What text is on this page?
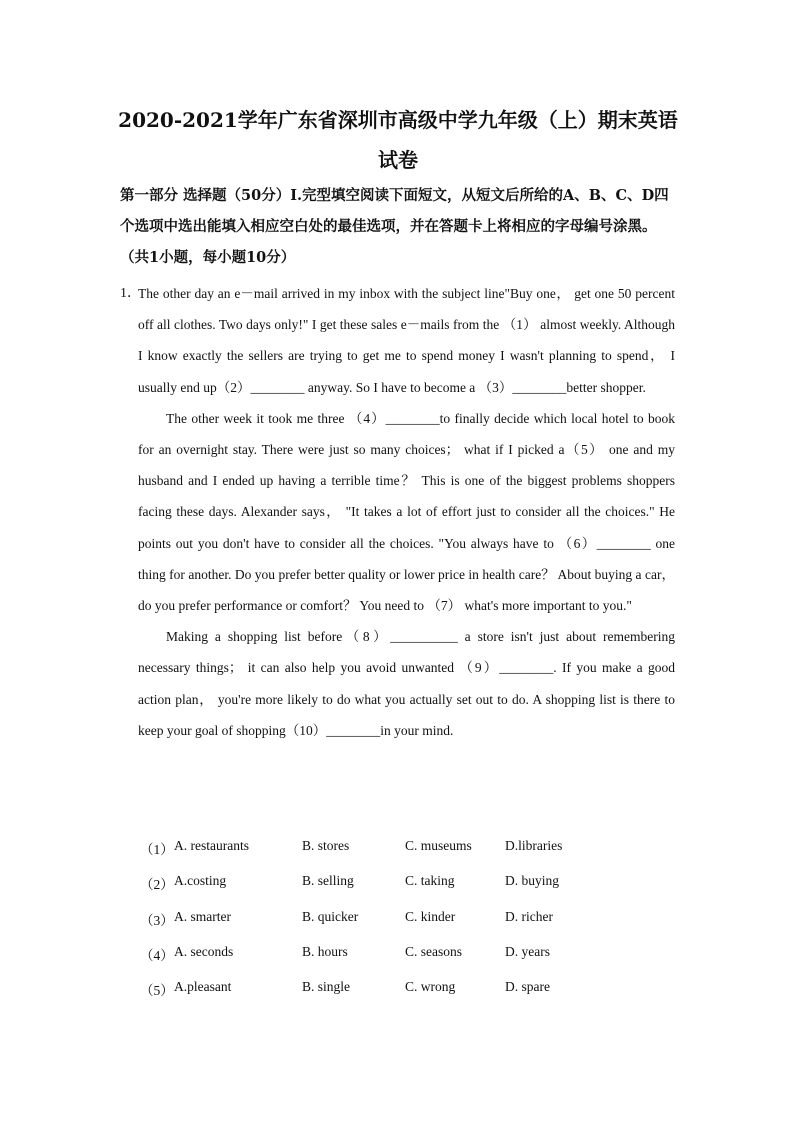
2020-2021学年广东省深圳市高级中学九年级（上）期末英语试卷
第一部分 选择题（50分）I.完型填空阅读下面短文，从短文后所给的A、B、C、D四个选项中选出能填入相应空白处的最佳选项，并在答题卡上将相应的字母编号涂黑。（共1小题，每小题10分）
1．

The other day an e－mail arrived in my inbox with the subject line"Buy one， get one 50 percent off all clothes. Two days only!" I get these sales e－mails from the （1） almost weekly. Although I know exactly the sellers are trying to get me to spend money I wasn't planning to spend， I usually end up（2）________ anyway. So I have to become a （3）________better shopper.

The other week it took me three （4）________to finally decide which local hotel to book for an overnight stay. There were just so many choices； what if I picked a（5） one and my husband and I ended up having a terrible time？ This is one of the biggest problems shoppers facing these days. Alexander says， "It takes a lot of effort just to consider all the choices." He points out you don't have to consider all the choices. "You always have to （6）________ one thing for another. Do you prefer better quality or lower price in health care？ About buying a car， do you prefer performance or comfort？ You need to （7） what's more important to you."

Making a shopping list before（8）__________ a store isn't just about remembering necessary things； it can also help you avoid unwanted （9）________. If you make a good action plan， you're more likely to do what you actually set out to do. A shopping list is there to keep your goal of shopping（10）________in your mind.

（1） A. restaurants	B. stores	C. museums D.libraries
（2） A.costing	B. selling	C. taking	D. buying
（3） A. smarter	B. quicker	C. kinder	D. richer
（4） A. seconds	B. hours	C. seasons	D. years
（5） A.pleasant	B. single	C. wrong	D. spare
